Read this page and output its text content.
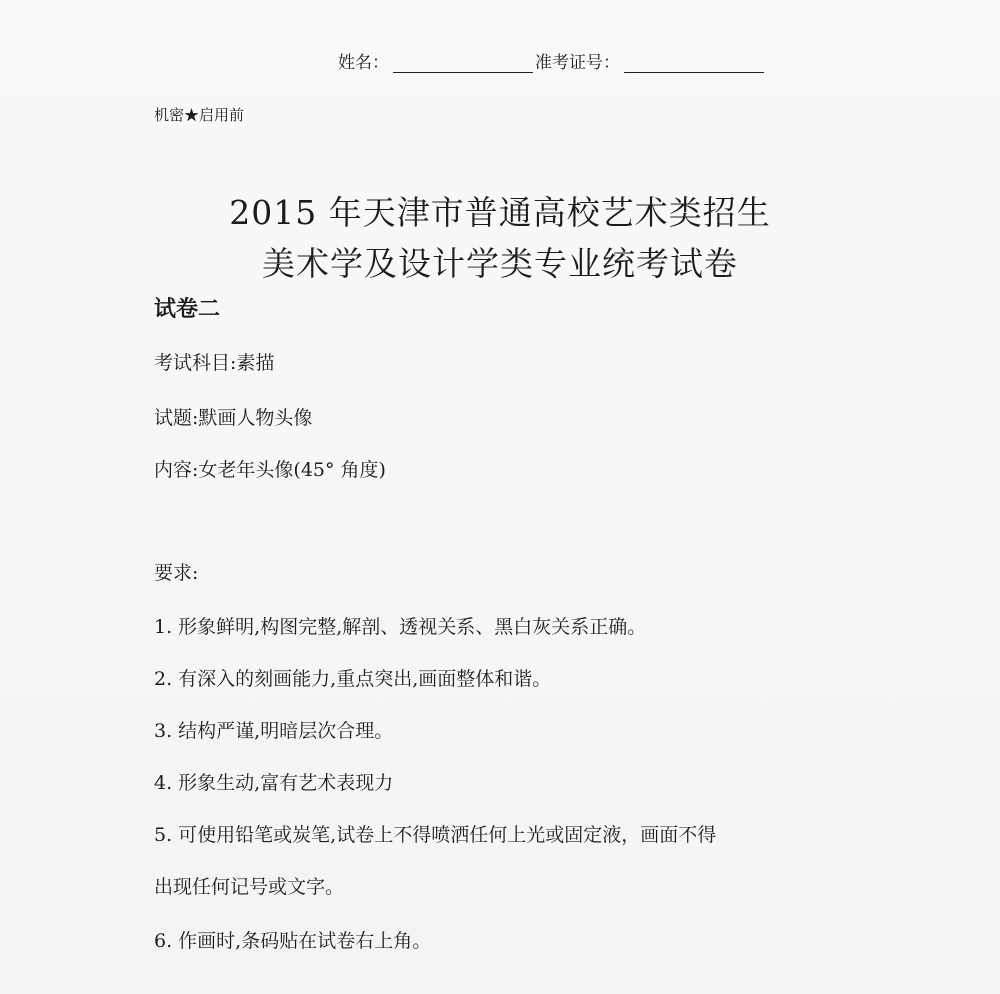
姓名：	准考证号：
机密★启用前
2015 年天津市普通高校艺术类招生
美术学及设计学类专业统考试卷
试卷二
考试科目:素描
试题:默画人物头像
内容:女老年头像(45° 角度)
要求:
1. 形象鲜明,构图完整,解剖、透视关系、黑白灰关系正确。
2. 有深入的刻画能力,重点突出,画面整体和谐。
3. 结构严谨,明暗层次合理。
4. 形象生动,富有艺术表现力
5. 可使用铅笔或炭笔,试卷上不得喷洒任何上光或固定液，画面不得
出现任何记号或文字。
6. 作画时,条码贴在试卷右上角。
